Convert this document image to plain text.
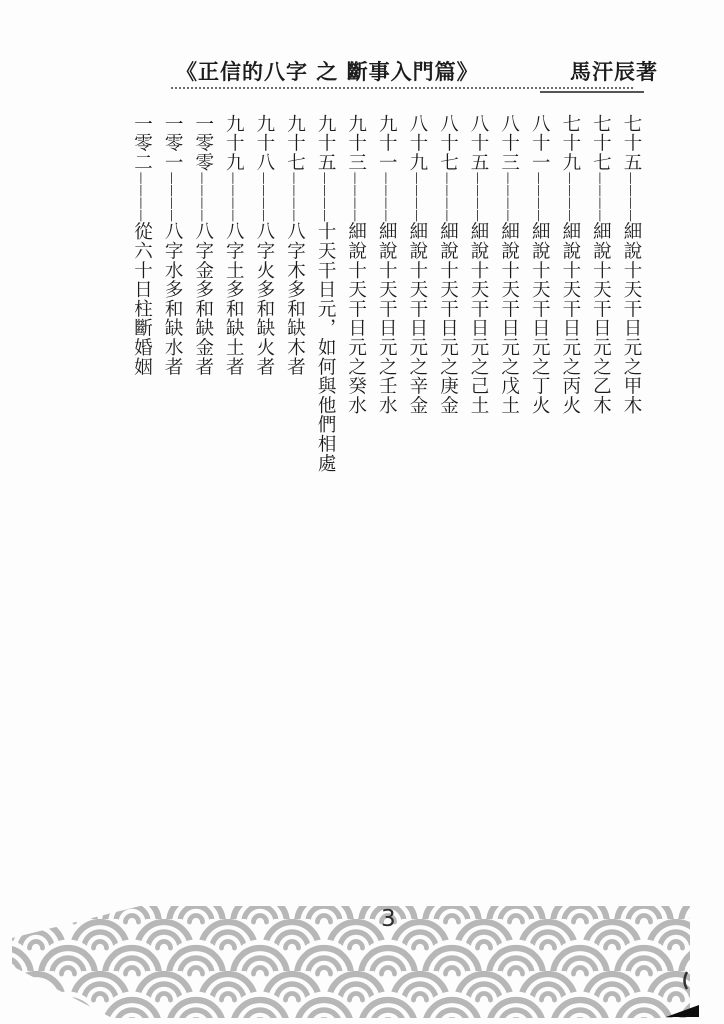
《正信的八字 之 斷事入門篇》	馬汗辰著
七十五————細說十天干日元之甲木
七十七————細說十天干日元之乙木
七十九————細說十天干日元之丙火
八十一————細說十天干日元之丁火
八十三————細說十天干日元之戊土
八十五————細說十天干日元之己土
八十七————細說十天干日元之庚金
八十九————細說十天干日元之辛金
九十一————細說十天干日元之壬水
九十三————細說十天干日元之癸水
九十五————十天干日元，如何與他們相處
九十七————八字木多和缺木者
九十八————八字火多和缺火者
九十九————八字土多和缺土者
一零零————八字金多和缺金者
一零一————八字水多和缺水者
一零二————從六十日柱斷婚姻
3
